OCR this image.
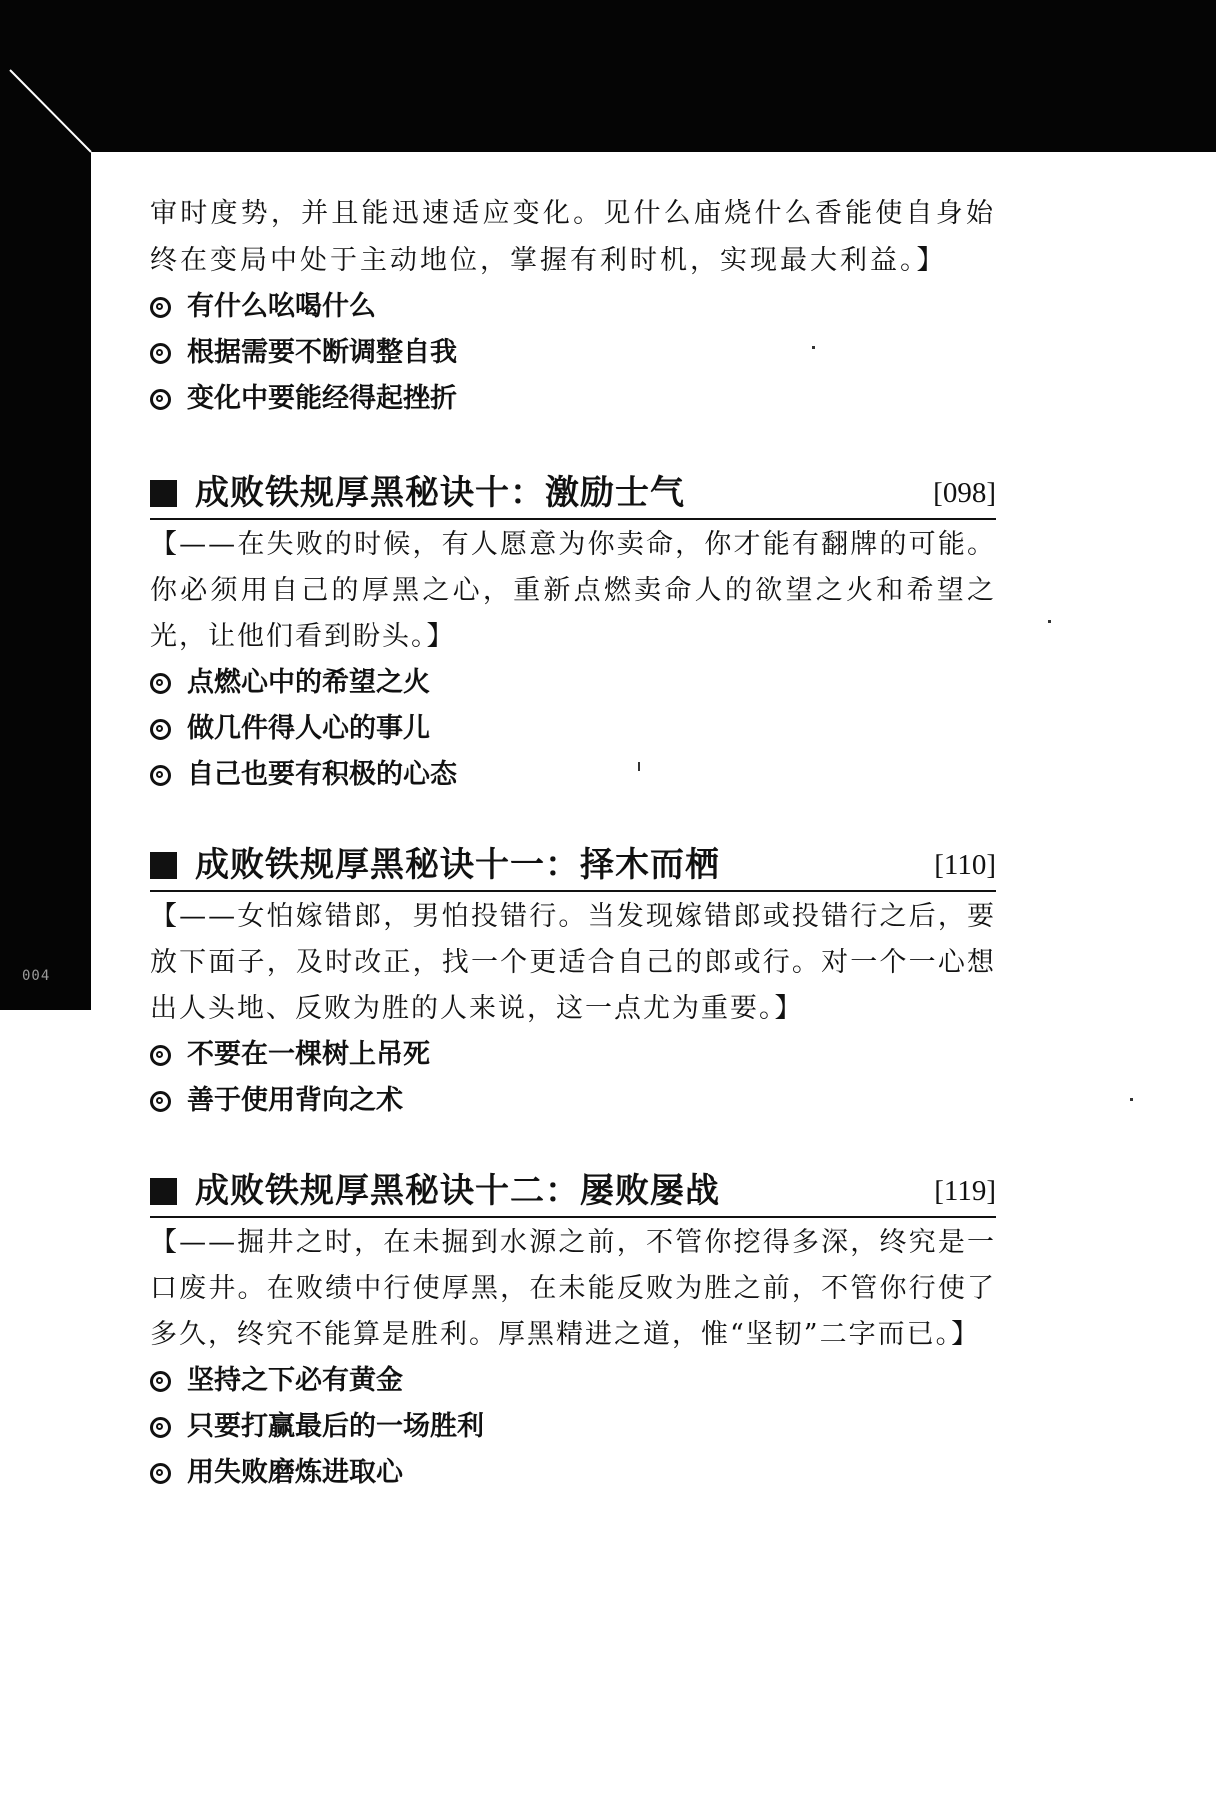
004

审时度势，并且能迅速适应变化。见什么庙烧什么香能使自身始终在变局中处于主动地位，掌握有利时机，实现最大利益。】

有什么吆喝什么
根据需要不断调整自我
变化中要能经得起挫折
成败铁规厚黑秘诀十：激励士气	[098]

【——在失败的时候，有人愿意为你卖命，你才能有翻牌的可能。你必须用自己的厚黑之心，重新点燃卖命人的欲望之火和希望之光，让他们看到盼头。】

点燃心中的希望之火
做几件得人心的事儿
自己也要有积极的心态
成败铁规厚黑秘诀十一：择木而栖	[110]

【——女怕嫁错郎，男怕投错行。当发现嫁错郎或投错行之后，要放下面子，及时改正，找一个更适合自己的郎或行。对一个一心想出人头地、反败为胜的人来说，这一点尤为重要。】

不要在一棵树上吊死
善于使用背向之术
成败铁规厚黑秘诀十二：屡败屡战	[119]

【——掘井之时，在未掘到水源之前，不管你挖得多深，终究是一口废井。在败绩中行使厚黑，在未能反败为胜之前，不管你行使了多久，终究不能算是胜利。厚黑精进之道，惟“坚韧”二字而已。】

坚持之下必有黄金
只要打赢最后的一场胜利
用失败磨炼进取心
